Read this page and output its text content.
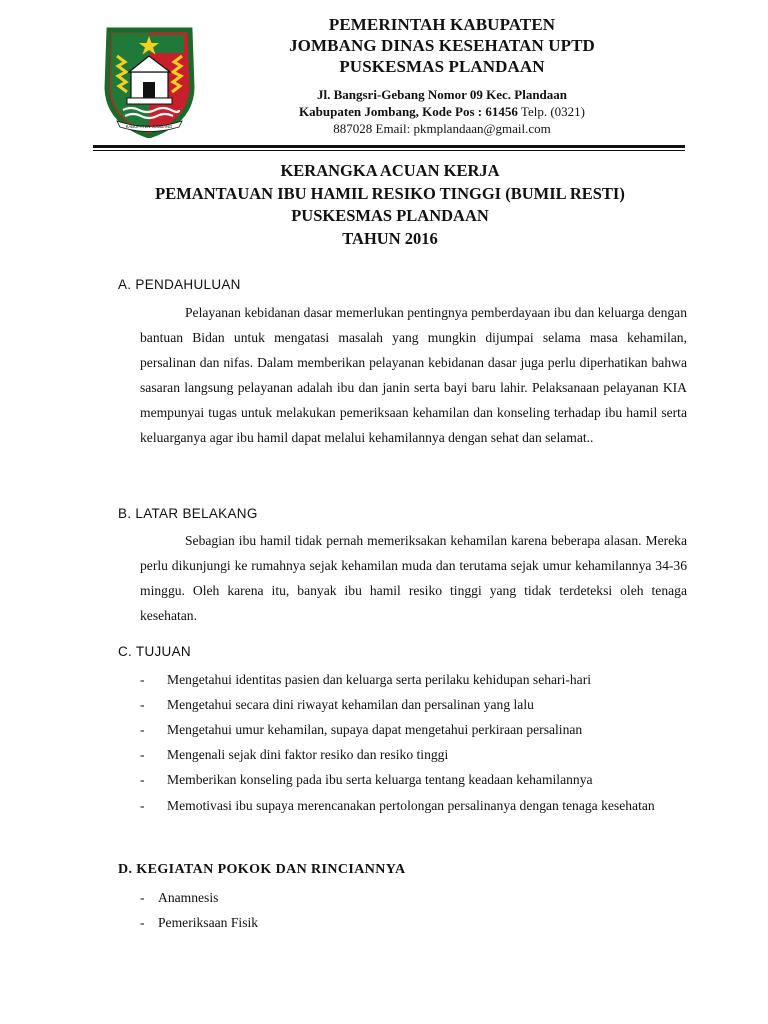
KABUPATEN JOMBANG

PEMERINTAH KABUPATEN

JOMBANG DINAS KESEHATAN UPTD

PUSKESMAS PLANDAAN

Jl. Bangsri-Gebang Nomor 09 Kec. Plandaan

Kabupaten Jombang, Kode Pos : 61456 Telp. (0321)

887028 Email: pkmplandaan@gmail.com

KERANGKA ACUAN KERJA

PEMANTAUAN IBU HAMIL RESIKO TINGGI (BUMIL RESTI)

PUSKESMAS PLANDAAN

TAHUN 2016

A. PENDAHULUAN

Pelayanan kebidanan dasar memerlukan pentingnya pemberdayaan ibu dan keluarga dengan bantuan Bidan untuk mengatasi masalah yang mungkin dijumpai selama masa kehamilan, persalinan dan nifas. Dalam memberikan pelayanan kebidanan dasar juga perlu diperhatikan bahwa sasaran langsung pelayanan adalah ibu dan janin serta bayi baru lahir. Pelaksanaan pelayanan KIA mempunyai tugas untuk melakukan pemeriksaan kehamilan dan konseling terhadap ibu hamil serta keluarganya agar ibu hamil dapat melalui kehamilannya dengan sehat dan selamat..

B. LATAR BELAKANG

Sebagian ibu hamil tidak pernah memeriksakan kehamilan karena beberapa alasan. Mereka perlu dikunjungi ke rumahnya sejak kehamilan muda dan terutama sejak umur kehamilannya 34-36 minggu. Oleh karena itu, banyak ibu hamil resiko tinggi yang tidak terdeteksi oleh tenaga kesehatan.

C. TUJUAN
- Mengetahui identitas pasien dan keluarga serta perilaku kehidupan sehari-hari
- Mengetahui secara dini riwayat kehamilan dan persalinan yang lalu
- Mengetahui umur kehamilan, supaya dapat mengetahui perkiraan persalinan
- Mengenali sejak dini faktor resiko dan resiko tinggi
- Memberikan konseling pada ibu serta keluarga tentang keadaan kehamilannya
- Memotivasi ibu supaya merencanakan pertolongan persalinanya dengan tenaga kesehatan
D. KEGIATAN POKOK DAN RINCIANNYA
- Anamnesis
- Pemeriksaan Fisik
